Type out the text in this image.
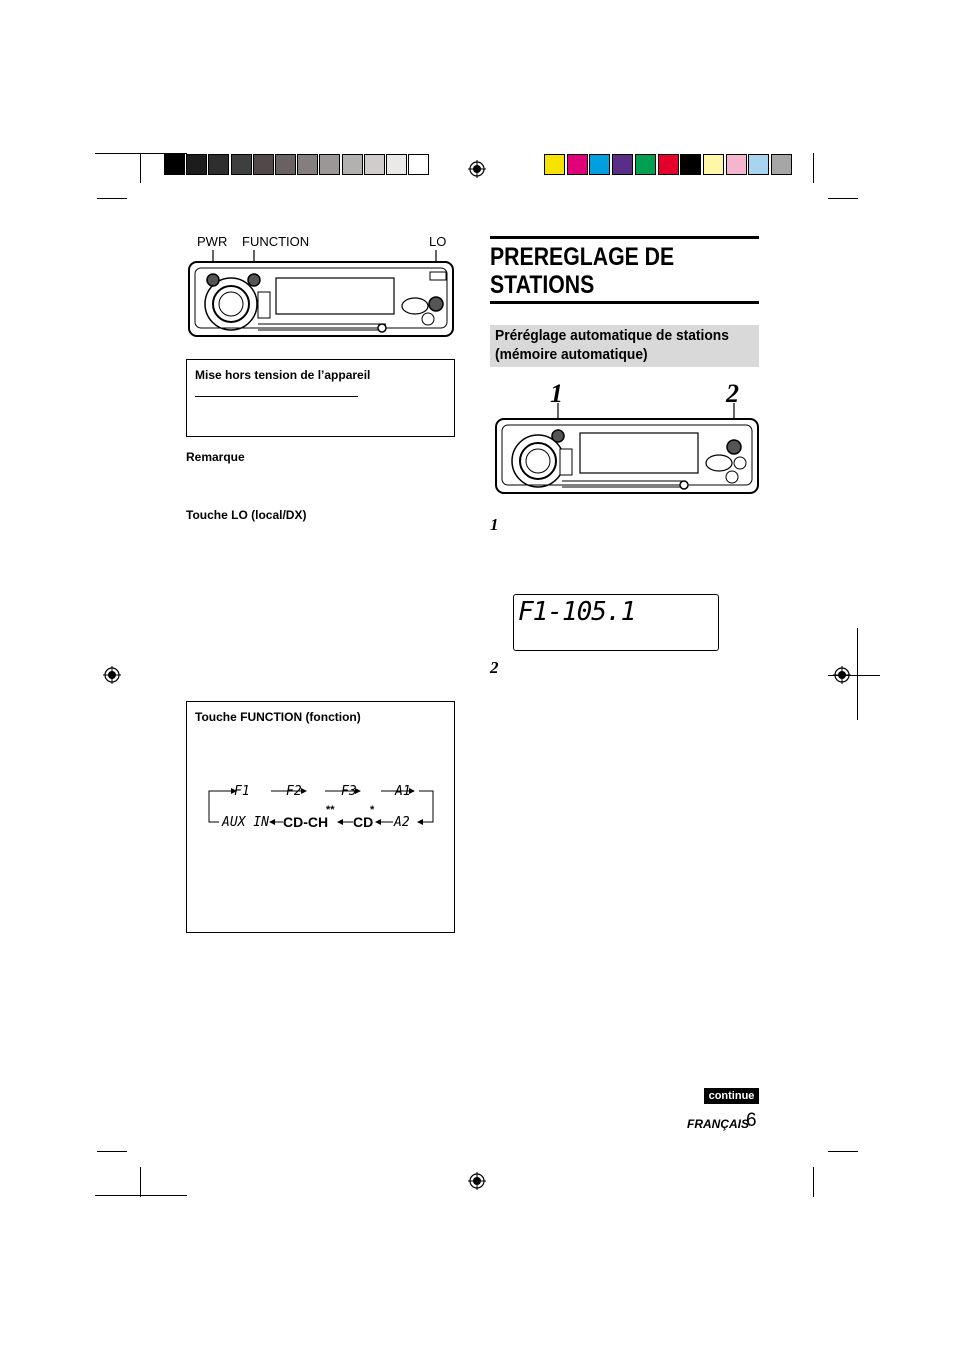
PWR FUNCTION	LO
Mise hors tension de l’appareil
Remarque
Touche LO (local/DX)
Touche FUNCTION (fonction)
F1	F2	F3	A1
AUX IN CD-CH
**
CD
*
A2
PREREGLAGE DE STATIONS
Préréglage automatique de stations (mémoire automatique)
1	2
1
F1-105.1
2
continue
FRANÇAIS
6
